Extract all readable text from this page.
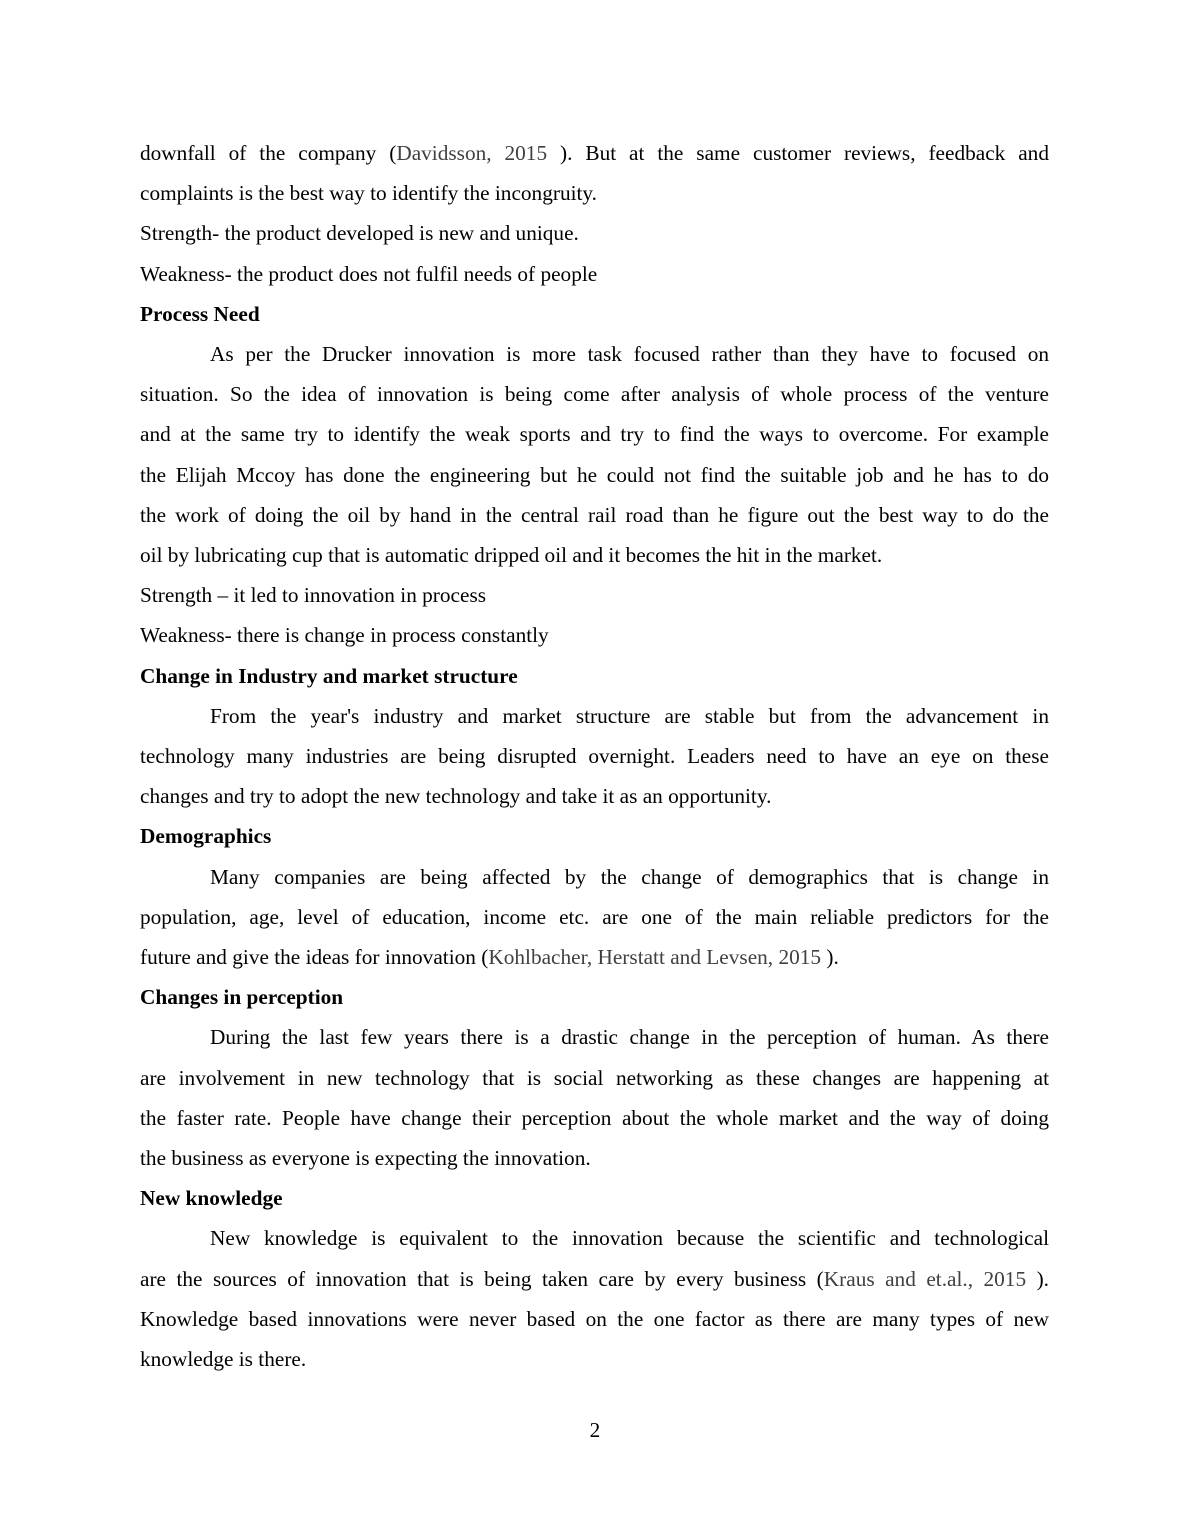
downfall of the company (Davidsson, 2015 ). But at the same customer reviews, feedback and

complaints is the best way to identify the incongruity.

Strength- the product developed is new and unique.

Weakness- the product does not fulfil needs of people

Process Need

As per the Drucker innovation is more task focused rather than they have to focused on

situation. So the idea of innovation is being come after analysis of whole process of the venture

and at the same try to identify the weak sports and try to find the ways to overcome. For example

the Elijah Mccoy has done the engineering but he could not find the suitable job and he has to do

the work of doing the oil by hand in the central rail road than he figure out the best way to do the

oil by lubricating cup that is automatic dripped oil and it becomes the hit in the market.

Strength – it led to innovation in process

Weakness- there is change in process constantly

Change in Industry and market structure

From the year's industry and market structure are stable but from the advancement in

technology many industries are being disrupted overnight. Leaders need to have an eye on these

changes and try to adopt the new technology and take it as an opportunity.

Demographics

Many companies are being affected by the change of demographics that is change in

population, age, level of education, income etc. are one of the main reliable predictors for the

future and give the ideas for innovation (Kohlbacher, Herstatt and Levsen, 2015 ).

Changes in perception

During the last few years there is a drastic change in the perception of human. As there

are involvement in new technology that is social networking as these changes are happening at

the faster rate. People have change their perception about the whole market and the way of doing

the business as everyone is expecting the innovation.

New knowledge

New knowledge is equivalent to the innovation because the scientific and technological

are the sources of innovation that is being taken care by every business (Kraus and et.al., 2015 ).

Knowledge based innovations were never based on the one factor as there are many types of new

knowledge is there.

2
